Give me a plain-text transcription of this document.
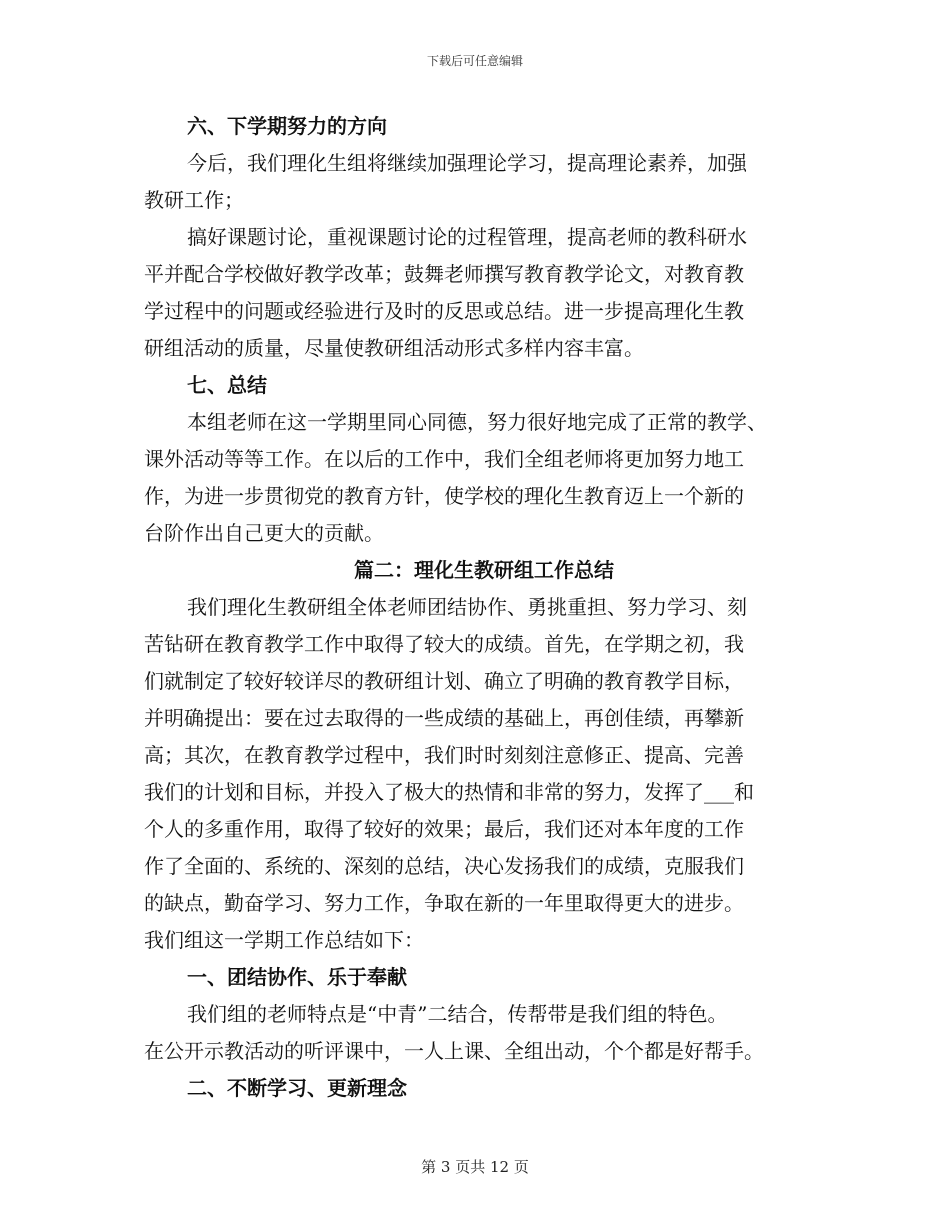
下载后可任意编辑
六、下学期努力的方向
今后，我们理化生组将继续加强理论学习，提高理论素养，加强
教研工作；
搞好课题讨论，重视课题讨论的过程管理，提高老师的教科研水
平并配合学校做好教学改革；鼓舞老师撰写教育教学论文，对教育教
学过程中的问题或经验进行及时的反思或总结。进一步提高理化生教
研组活动的质量，尽量使教研组活动形式多样内容丰富。
七、总结
本组老师在这一学期里同心同德，努力很好地完成了正常的教学、
课外活动等等工作。在以后的工作中，我们全组老师将更加努力地工
作，为进一步贯彻党的教育方针，使学校的理化生教育迈上一个新的
台阶作出自己更大的贡献。
篇二：理化生教研组工作总结
我们理化生教研组全体老师团结协作、勇挑重担、努力学习、刻
苦钻研在教育教学工作中取得了较大的成绩。首先，在学期之初，我
们就制定了较好较详尽的教研组计划、确立了明确的教育教学目标，
并明确提出：要在过去取得的一些成绩的基础上，再创佳绩，再攀新
高；其次，在教育教学过程中，我们时时刻刻注意修正、提高、完善
我们的计划和目标，并投入了极大的热情和非常的努力，发挥了___和
个人的多重作用，取得了较好的效果；最后，我们还对本年度的工作
作了全面的、系统的、深刻的总结，决心发扬我们的成绩，克服我们
的缺点，勤奋学习、努力工作，争取在新的一年里取得更大的进步。
我们组这一学期工作总结如下：
一、团结协作、乐于奉献
我们组的老师特点是“中青”二结合，传帮带是我们组的特色。
在公开示教活动的听评课中，一人上课、全组出动，个个都是好帮手。
二、不断学习、更新理念
第 3 页共 12 页
